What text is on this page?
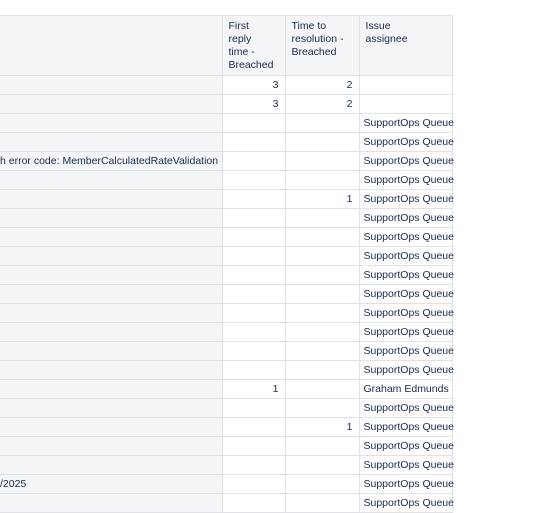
	First
reply
time -
Breached	Time to
resolution -
Breached	Issue
assignee

	3	2	
	3	2	
			SupportOps Queue
			SupportOps Queue
h error code: MemberCalculatedRateValidation			SupportOps Queue
			SupportOps Queue
		1	SupportOps Queue
			SupportOps Queue
			SupportOps Queue
			SupportOps Queue
			SupportOps Queue
			SupportOps Queue
			SupportOps Queue
			SupportOps Queue
			SupportOps Queue
			SupportOps Queue
	1		Graham Edmunds
			SupportOps Queue
		1	SupportOps Queue
			SupportOps Queue
			SupportOps Queue
/2025			SupportOps Queue
			SupportOps Queue
